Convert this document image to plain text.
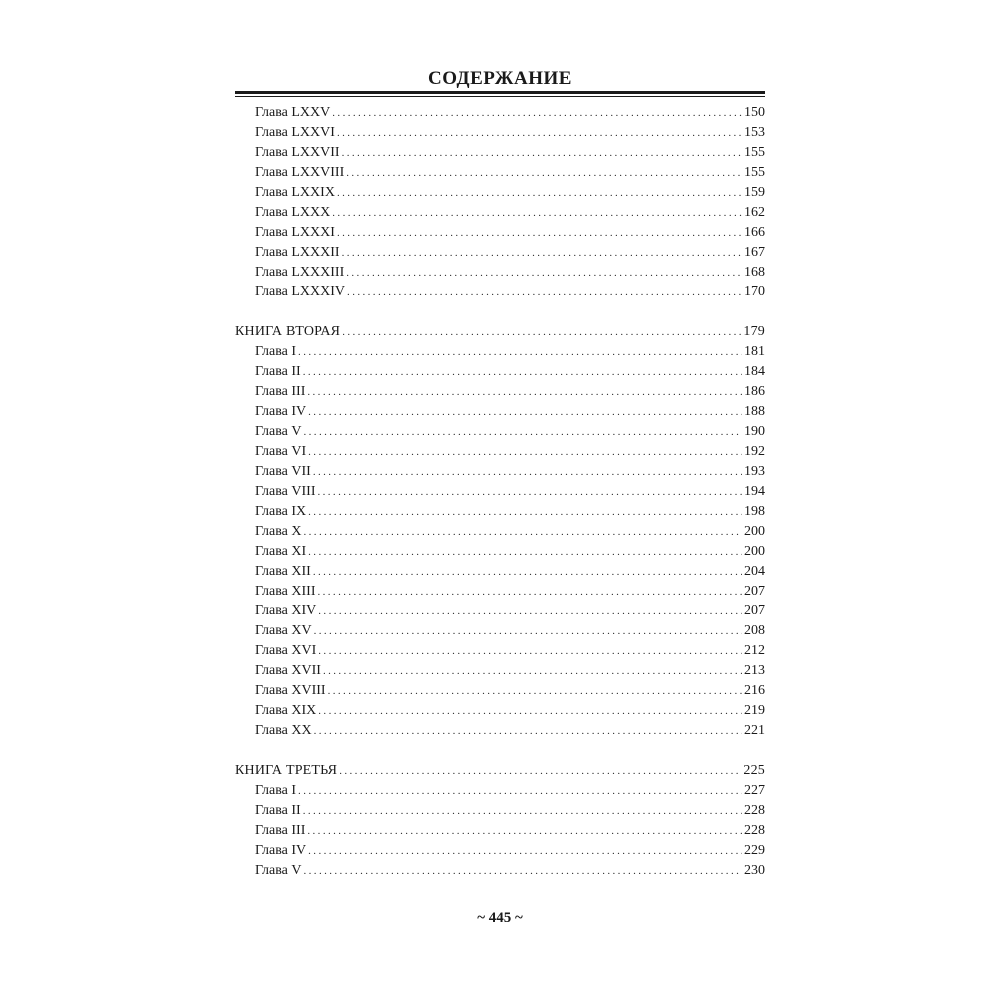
СОДЕРЖАНИЕ
Глава LXXV .....	150
Глава LXXVI .....	153
Глава LXXVII .....	155
Глава LXXVIII .....	155
Глава LXXIX .....	159
Глава LXXX .....	162
Глава LXXXI .....	166
Глава LXXXII .....	167
Глава LXXXIII .....	168
Глава LXXXIV .....	170
КНИГА ВТОРАЯ .....	179
Глава I .....	181
Глава II .....	184
Глава III .....	186
Глава IV .....	188
Глава V .....	190
Глава VI .....	192
Глава VII .....	193
Глава VIII .....	194
Глава IX .....	198
Глава X .....	200
Глава XI .....	200
Глава XII .....	204
Глава XIII .....	207
Глава XIV .....	207
Глава XV .....	208
Глава XVI .....	212
Глава XVII .....	213
Глава XVIII .....	216
Глава XIX .....	219
Глава XX .....	221
КНИГА ТРЕТЬЯ .....	225
Глава I .....	227
Глава II .....	228
Глава III .....	228
Глава IV .....	229
Глава V .....	230
~ 445 ~
